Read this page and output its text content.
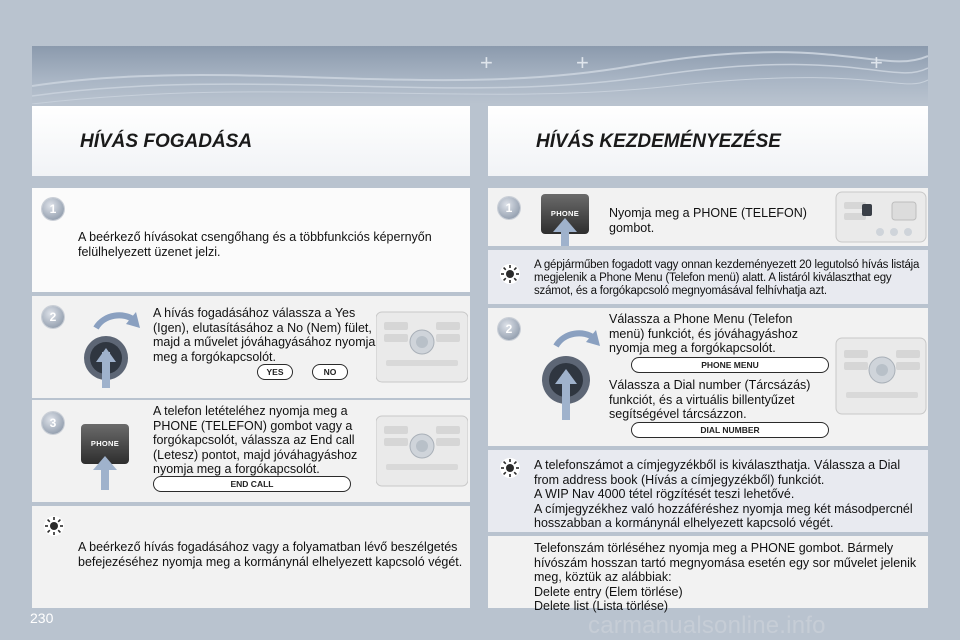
+	+	+
HÍVÁS FOGADÁSA
1
A beérkező hívásokat csengőhang és a többfunkciós képernyőn felülhelyezett üzenet jelzi.
2	A hívás fogadásához válassza a Yes (Igen), elutasításához a No (Nem) fület, majd a művelet jóváhagyásához nyomja meg a forgókapcsolót.
YES	NO
3
PHONE
A telefon letételéhez nyomja meg a PHONE (TELEFON) gombot vagy a forgókapcsolót, válassza az End call (Letesz) pontot, majd jóváhagyáshoz nyomja meg a forgókapcsolót.
END CALL
A beérkező hívás fogadásához vagy a folyamatban lévő beszélgetés befejezéséhez nyomja meg a kormánynál elhelyezett kapcsoló végét.
HÍVÁS KEZDEMÉNYEZÉSE
1	PHONE	Nyomja meg a PHONE (TELEFON) gombot.
A gépjárműben fogadott vagy onnan kezdeményezett 20 legutolsó hívás listája megjelenik a Phone Menu (Telefon menü) alatt. A listáról kiválaszthat egy számot, és a forgókapcsoló megnyomásával felhívhatja azt.
2
Válassza a Phone Menu (Telefon menü) funkciót, és jóváhagyáshoz nyomja meg a forgókapcsolót.
PHONE MENU
Válassza a Dial number (Tárcsázás) funkciót, és a virtuális billentyűzet segítségével tárcsázzon.
DIAL NUMBER
A telefonszámot a címjegyzékből is kiválaszthatja. Válassza a Dial from address book (Hívás a címjegyzékből) funkciót.
A WIP Nav 4000 tétel rögzítését teszi lehetővé.
A címjegyzékhez való hozzáféréshez nyomja meg két másodpercnél hosszabban a kormánynál elhelyezett kapcsoló végét.
Telefonszám törléséhez nyomja meg a PHONE gombot. Bármely hívószám hosszan tartó megnyomása esetén egy sor művelet jelenik meg, köztük az alábbiak:
Delete entry (Elem törlése)
Delete list (Lista törlése)
230	carmanualsonline.info
